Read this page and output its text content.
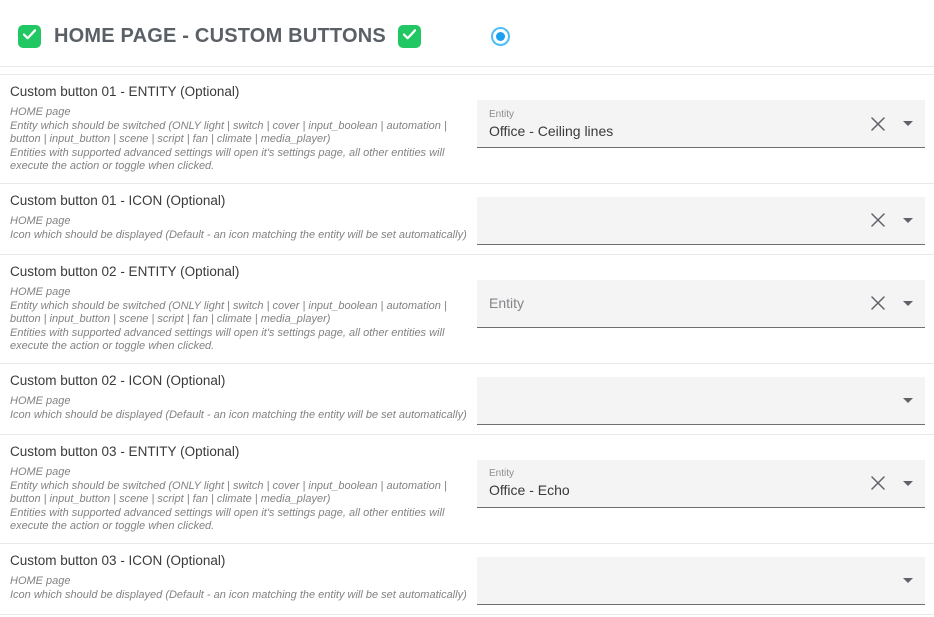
HOME PAGE - CUSTOM BUTTONS
Custom button 01 - ENTITY (Optional)
HOME page
Entity which should be switched (ONLY light | switch | cover | input_boolean | automation | button | input_button | scene | script | fan | climate | media_player)
Entities with supported advanced settings will open it's settings page, all other entities will execute the action or toggle when clicked.
Entity
Office - Ceiling lines
Custom button 01 - ICON (Optional)
HOME page
Icon which should be displayed (Default - an icon matching the entity will be set automatically)
Custom button 02 - ENTITY (Optional)
HOME page
Entity which should be switched (ONLY light | switch | cover | input_boolean | automation | button | input_button | scene | script | fan | climate | media_player)
Entities with supported advanced settings will open it's settings page, all other entities will execute the action or toggle when clicked.
Entity
Custom button 02 - ICON (Optional)
HOME page
Icon which should be displayed (Default - an icon matching the entity will be set automatically)
Custom button 03 - ENTITY (Optional)
HOME page
Entity which should be switched (ONLY light | switch | cover | input_boolean | automation | button | input_button | scene | script | fan | climate | media_player)
Entities with supported advanced settings will open it's settings page, all other entities will execute the action or toggle when clicked.
Entity
Office - Echo
Custom button 03 - ICON (Optional)
HOME page
Icon which should be displayed (Default - an icon matching the entity will be set automatically)
